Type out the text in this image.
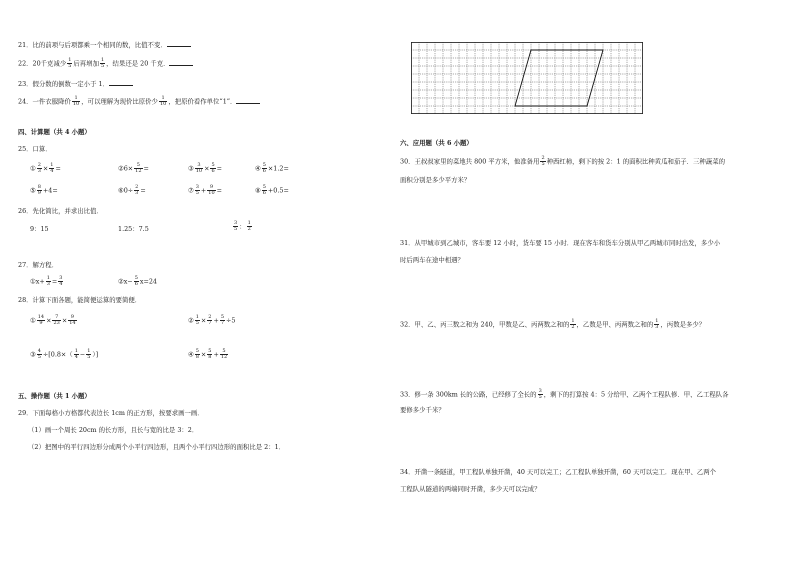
21．比的前项与后项都乘一个相同的数，比值不变．
22．20千克减少 $\frac{1}{5}$ 后再增加 $\frac{1}{5}$ ，结果还是 20 千克．
23．假分数的倒数一定小于 1．
24．一件衣服降价 $\frac{1}{10}$ ，可以理解为现价比原价少 $\frac{1}{10}$ ，把原价看作单位“1”．
四、计算题（共 4 小题）
25．口算．
① $\frac{2}{3} \times \frac{1}{4}$ =	②6× $\frac{5}{12}$ =	③ $\frac{3}{10} \times \frac{5}{6}$ =	④ $\frac{5}{6} \times 1.2=$
⑤ $\frac{8}{9} +4=$	⑥0÷ $\frac{2}{3}$ =	⑦ $\frac{3}{5} + \frac{9}{10}$ =	⑧ $\frac{5}{6} +0.5=$
26．先化简比，并求出比值．
9：15	1.25：7.5	$\frac{3}{5}$ ： $\frac{1}{2}$
27．解方程．
①x+ $\frac{1}{3} = \frac{3}{4}$	②x− $\frac{5}{6} x=24$
28．计算下面各题，能简便运算的要简便．
① $\frac{14}{9} \times \frac{7}{23} \times \frac{9}{14}$	② $\frac{1}{5} \times \frac{2}{7} + \frac{5}{7} \div 5$
③ $\frac{4}{5} \div[0.8\times( \frac{1}{4} - \frac{1}{5}$ ）]	④ $\frac{5}{8} \times \frac{5}{8} + \frac{5}{12}$
五、操作题（共 1 小题）
29．下面每格小方格都代表边长 1cm 的正方形，按要求画一画．
（1）画一个周长 20cm 的长方形，且长与宽的比是 3：2．
（2）把图中的平行四边形分成两个小平行四边形，且两个小平行四边形的面积比是 2：1．
六、应用题（共 6 小题）
30．王叔叔家里的菜地共 800 平方米，他准备用 $\frac{2}{5}$ 种西红柿，剩下的按 2：1 的面积比种黄瓜和茄子．三种蔬菜的
面积分别是多少平方米？
31．从甲城市到乙城市，客车要 12 小时，货车要 15 小时．现在客车和货车分别从甲乙两城市同时出发，多少小
时后两车在途中相遇？
32．甲、乙、丙三数之和为 240，甲数是乙、丙两数之和的 $\frac{1}{2}$ ，乙数是甲、丙两数之和的 $\frac{1}{3}$ ，丙数是多少？
33．修一条 300km 长的公路，已经修了全长的 $\frac{3}{5}$ ，剩下的打算按 4：5 分给甲、乙两个工程队修．甲、乙工程队各
要修多少千米？
34．开凿一条隧道，甲工程队单独开凿，40 天可以完工；乙工程队单独开凿，60 天可以完工．现在甲、乙两个
工程队从隧道的两端同时开凿，多少天可以完成？
